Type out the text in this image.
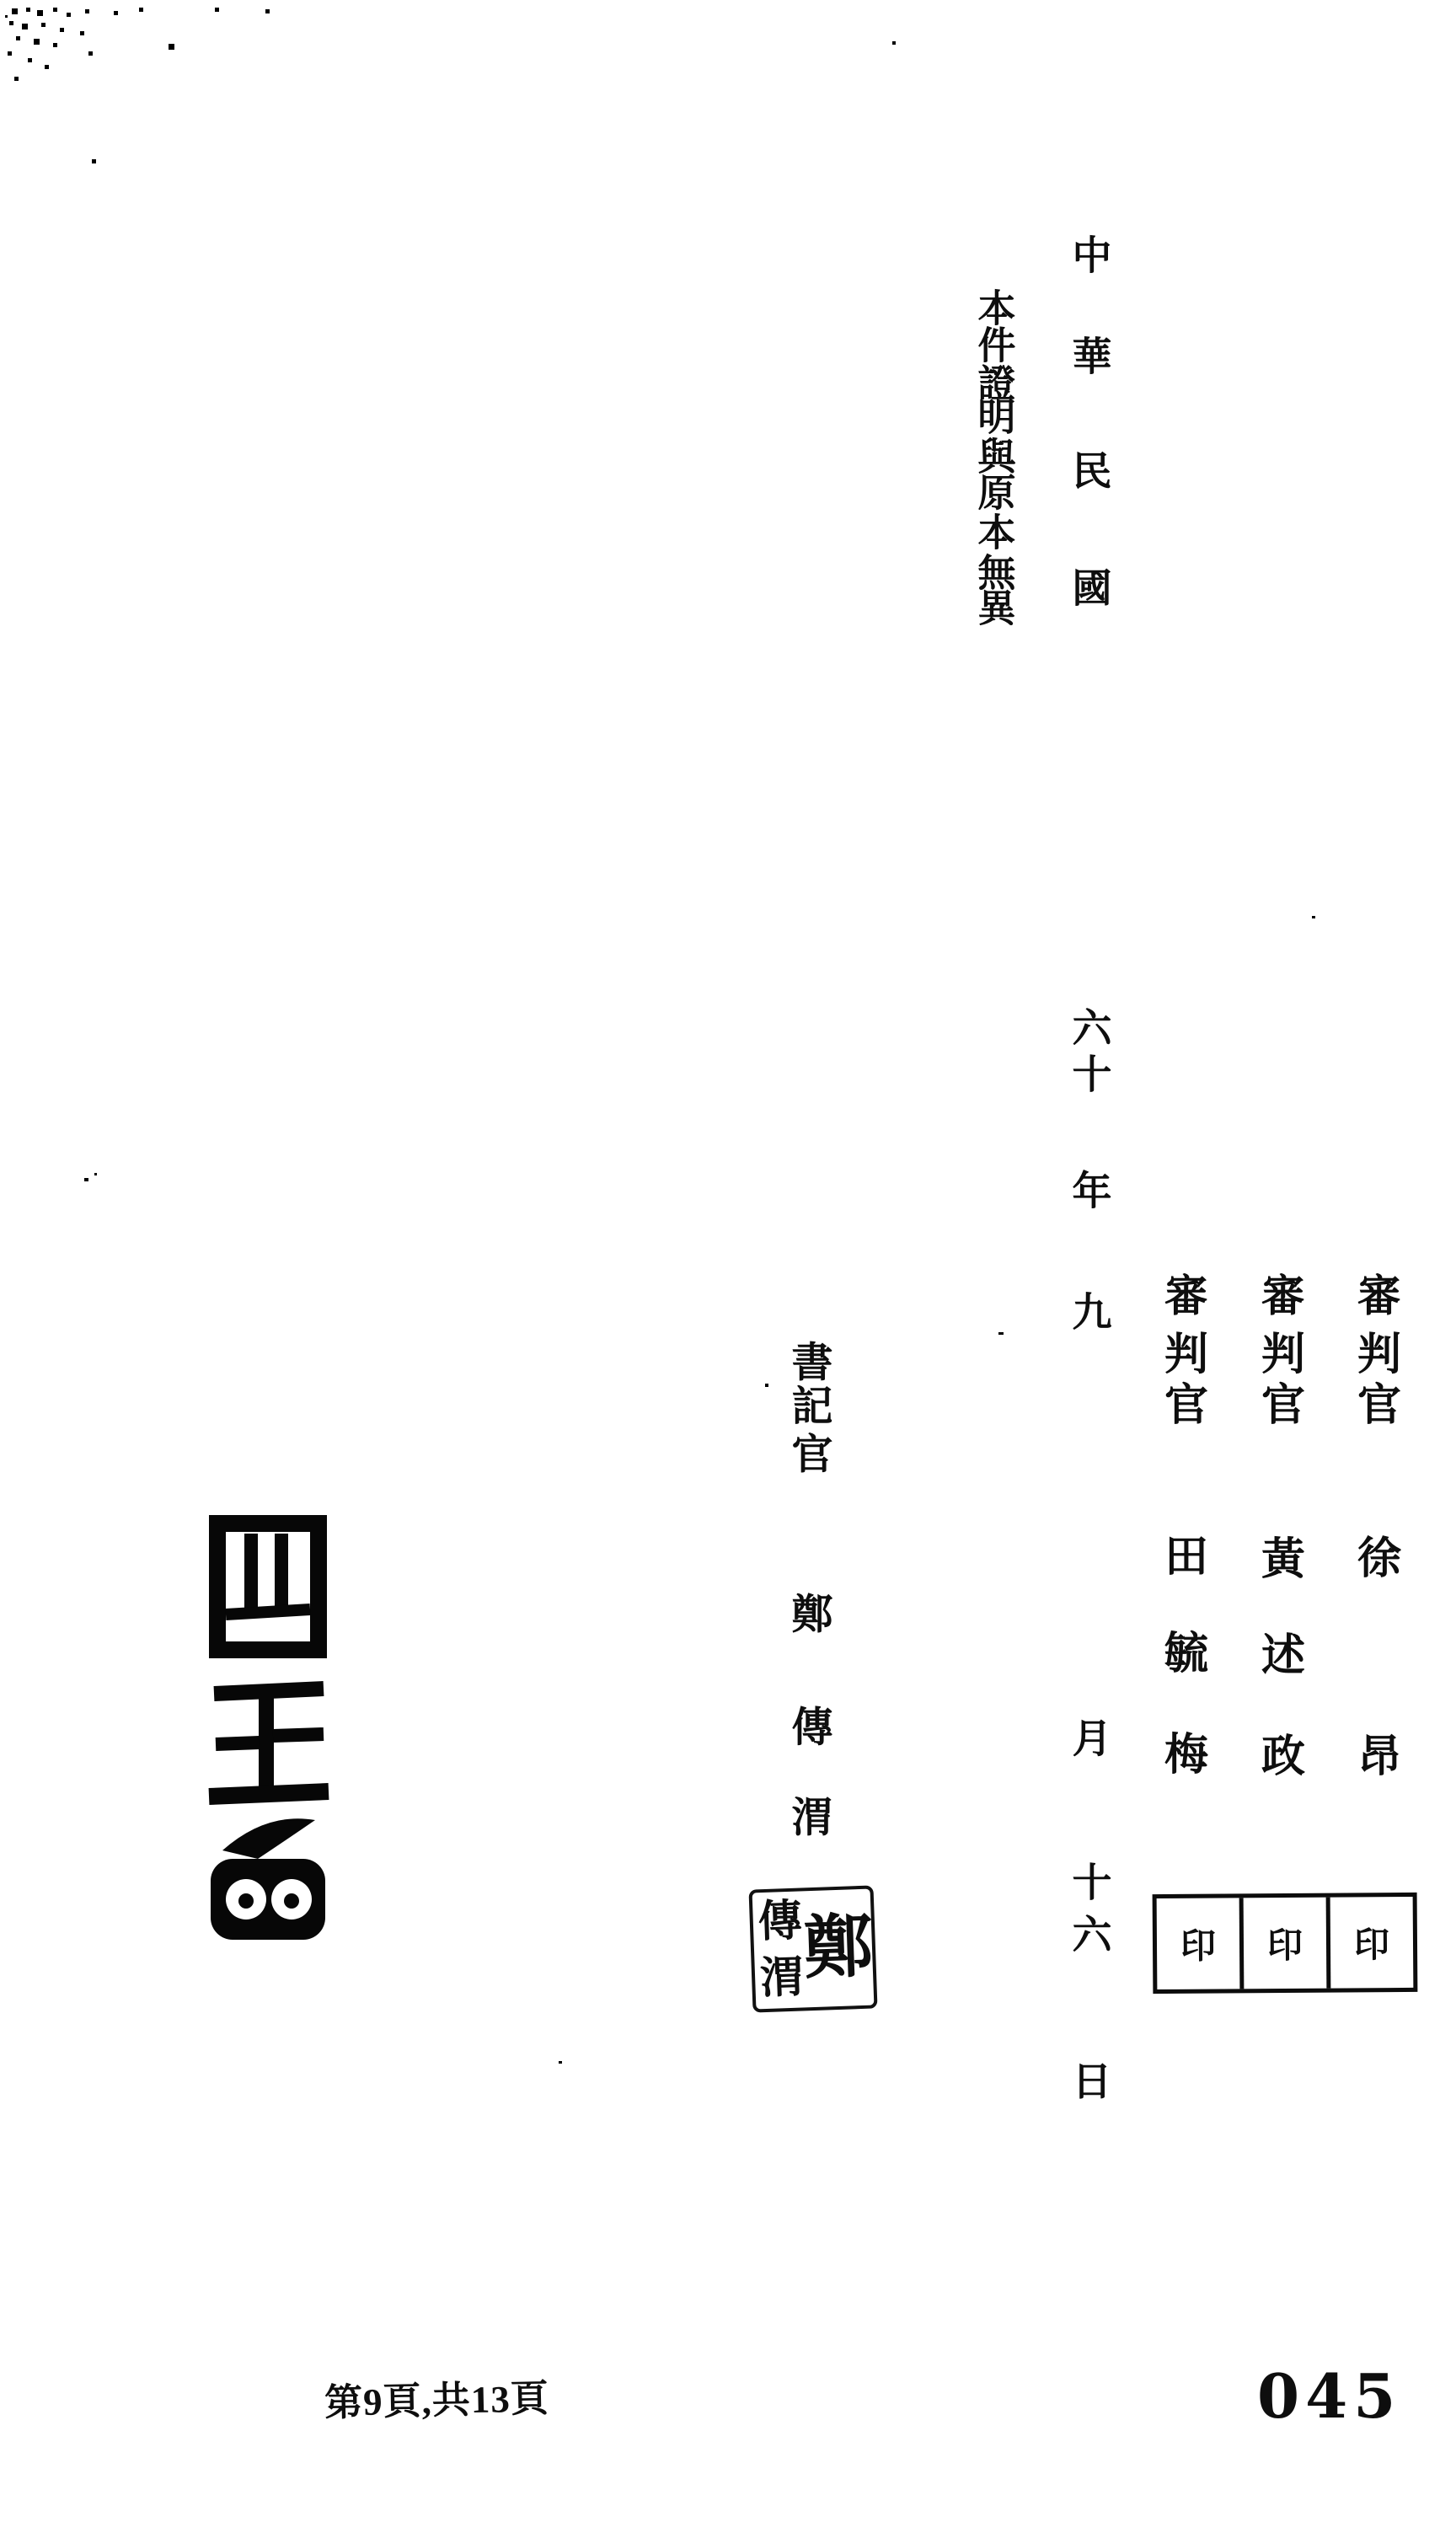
中
華
民
國
六
十
年
九
月
十
六
日
本
件
證
明
與
原
本
無
異
審
判
官
徐
昂
審
判
官
黃
述
政
審
判
官
田
毓
梅
書
記
官
鄭
傳
渭
印 印 印
傳
渭
鄭
第9頁,共13頁	045
